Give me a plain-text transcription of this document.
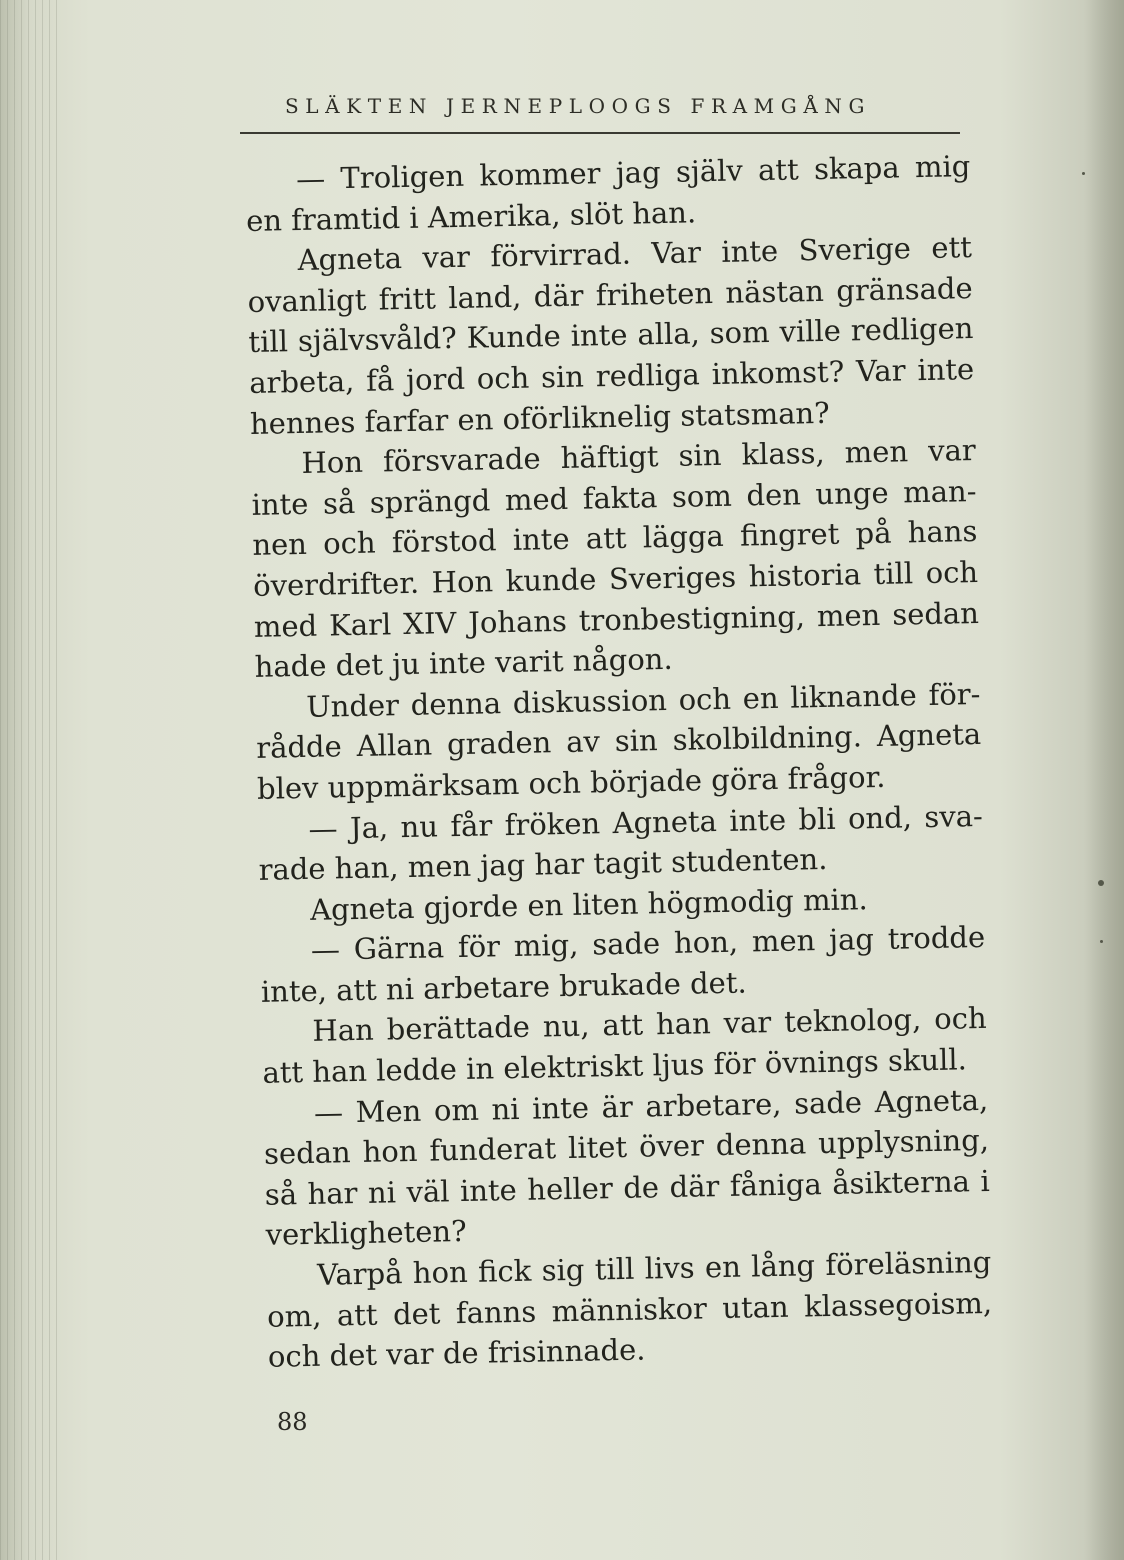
SLÄKTEN JERNEPLOOGS FRAMGÅNG

— Troligen kommer jag själv att skapa mig en framtid i Amerika, slöt han.

Agneta var förvirrad. Var inte Sverige ett ovanligt fritt land, där friheten nästan gränsade till självsvåld? Kunde inte alla, som ville redligen arbeta, få jord och sin redliga inkomst? Var inte hennes farfar en oförliknelig statsman?

Hon försvarade häftigt sin klass, men var inte så sprängd med fakta som den unge mannen och förstod inte att lägga fingret på hans överdrifter. Hon kunde Sveriges historia till och med Karl XIV Johans tronbestigning, men sedan hade det ju inte varit någon.

Under denna diskussion och en liknande förrådde Allan graden av sin skolbildning. Agneta blev uppmärksam och började göra frågor.

— Ja, nu får fröken Agneta inte bli ond, svarade han, men jag har tagit studenten.

Agneta gjorde en liten högmodig min.

— Gärna för mig, sade hon, men jag trodde inte, att ni arbetare brukade det.

Han berättade nu, att han var teknolog, och att han ledde in elektriskt ljus för övnings skull.

— Men om ni inte är arbetare, sade Agneta, sedan hon funderat litet över denna upplysning, så har ni väl inte heller de där fåniga åsikterna i verkligheten?

Varpå hon fick sig till livs en lång föreläsning om, att det fanns människor utan klassegoism, och det var de frisinnade.

88
